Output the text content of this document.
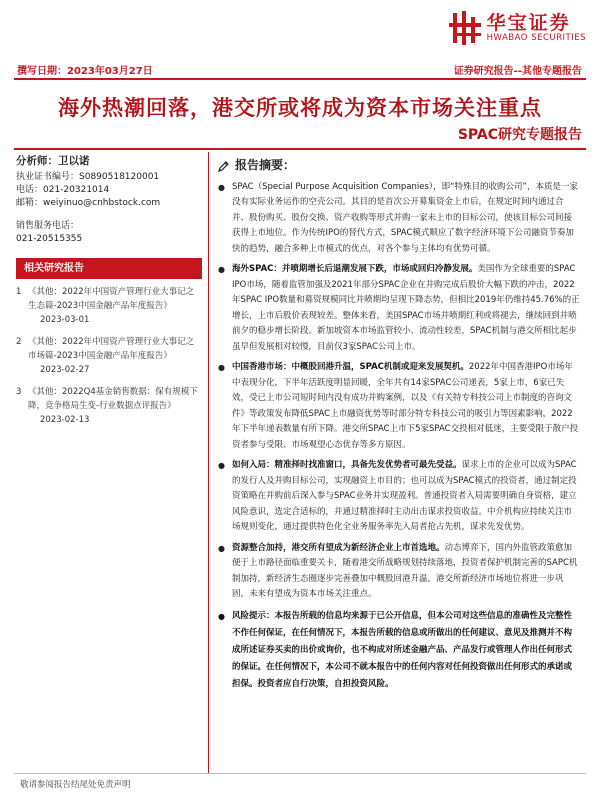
华宝证券
HWABAO SECURITIES
撰写日期：2023年03月27日	证券研究报告--其他专题报告
海外热潮回落，港交所或将成为资本市场关注重点
SPAC研究专题报告
分析师：卫以诺
执业证书编号：S0890518120001
电话：021-20321014
邮箱：weiyinuo@cnhbstock.com
销售服务电话：
021-20515355
相关研究报告
1 《其他：2022年中国资产管理行业大事记之生态篇-2023中国金融产品年度报告》
2023-03-01
2 《其他：2022年中国资产管理行业大事记之市场篇-2023中国金融产品年度报告》
2023-02-27
3 《其他：2022Q4基金销售数据：保有规模下降，竞争格局生变-行业数据点评报告》
2023-02-13
报告摘要：
● SPAC（Special Purpose Acquisition Companies），即“特殊目的收购公司”，本质是一家没有实际业务运作的空壳公司。其目的是首次公开募集资金上市后，在规定时间内通过合并、股份购买、股份交换、资产收购等形式并购一家未上市的目标公司，使该目标公司间接获得上市地位。作为传统IPO的替代方式，SPAC模式顺应了数字经济环境下公司融资节奏加快的趋势，融合多种上市模式的优点，对各个参与主体均有优势可循。
● 海外SPAC：并喷期增长后退潮发展下跌，市场或回归冷静发展。美国作为全球重要的SPAC IPO市场，随着监管加强及2021年部分SPAC企业在并购完成后股价大幅下跌的冲击，2022年SPAC IPO数量和募资规模同比并喷期均呈现下降态势，但相比2019年仍维持45.76%的正增长，上市后股价表现较差。整体来看，美国SPAC市场并喷期红利或将褪去，继续回到并喷前夕的稳步增长阶段。新加坡资本市场监管较小、流动性较差，SPAC机制与港交所相比起步虽早但发展相对较慢，目前仅3家SPAC公司上市。
● 中国香港市场：中概股回港升温，SPAC机制或迎来发展契机。2022年中国香港IPO市场年中表现分化，下半年活跃度明显回暖，全年共有14家SPAC公司递表，5家上市，6家已失效，受已上市公司短时间内没有成功并购案例，以及《有关特专科技公司上市制度的咨询文件》等政策发布降低SPAC上市融资优势等时部分特专科技公司的吸引力等因素影响，2022年下半年递表数量有所下降。港交所SPAC上市下5家SPAC交投相对低迷，主要受限于散户投资者参与受限、市场观望心态优存等多方原因。
● 如何入局：精准择时找准窗口，具备先发优势者可最先受益。谋求上市的企业可以成为SPAC的发行人及并购目标公司，实现融资上市目的；也可以成为SPAC模式的投资者，通过制定投资策略在并购前后深入参与SPAC业务并实现盈利。普通投资者入局需要明确自身资格，建立风险意识，选定合适标的，并通过精准择时主动出击谋求投资收益。中介机构应持续关注市场规则变化，通过提供特色化全业务服务率先入局者抢占先机，谋求先发优势。
● 资源整合加持，港交所有望成为新经济企业上市首选地。动态博弈下，国内外监管政策愈加便于上市路径面临重要关卡，随着港交所战略规划持续落地，投资者保护机制完善的SAPC机制加持，新经济生态圈逐步完善叠加中概股回港升温，港交所新经济市场地位将进一步巩固，未来有望成为资本市场关注重点。
● 风险提示：本报告所载的信息均来源于已公开信息，但本公司对这些信息的准确性及完整性不作任何保证，在任何情况下，本报告所载的信息或所做出的任何建议、意见及推测并不构成所述证券买卖的出价或询价，也不构成对所述金融产品、产品发行或管理人作出任何形式的保证。在任何情况下，本公司不就本报告中的任何内容对任何投资做出任何形式的承诺或担保。投资者应自行决策，自担投资风险。
敬请参阅报告结尾处免责声明
